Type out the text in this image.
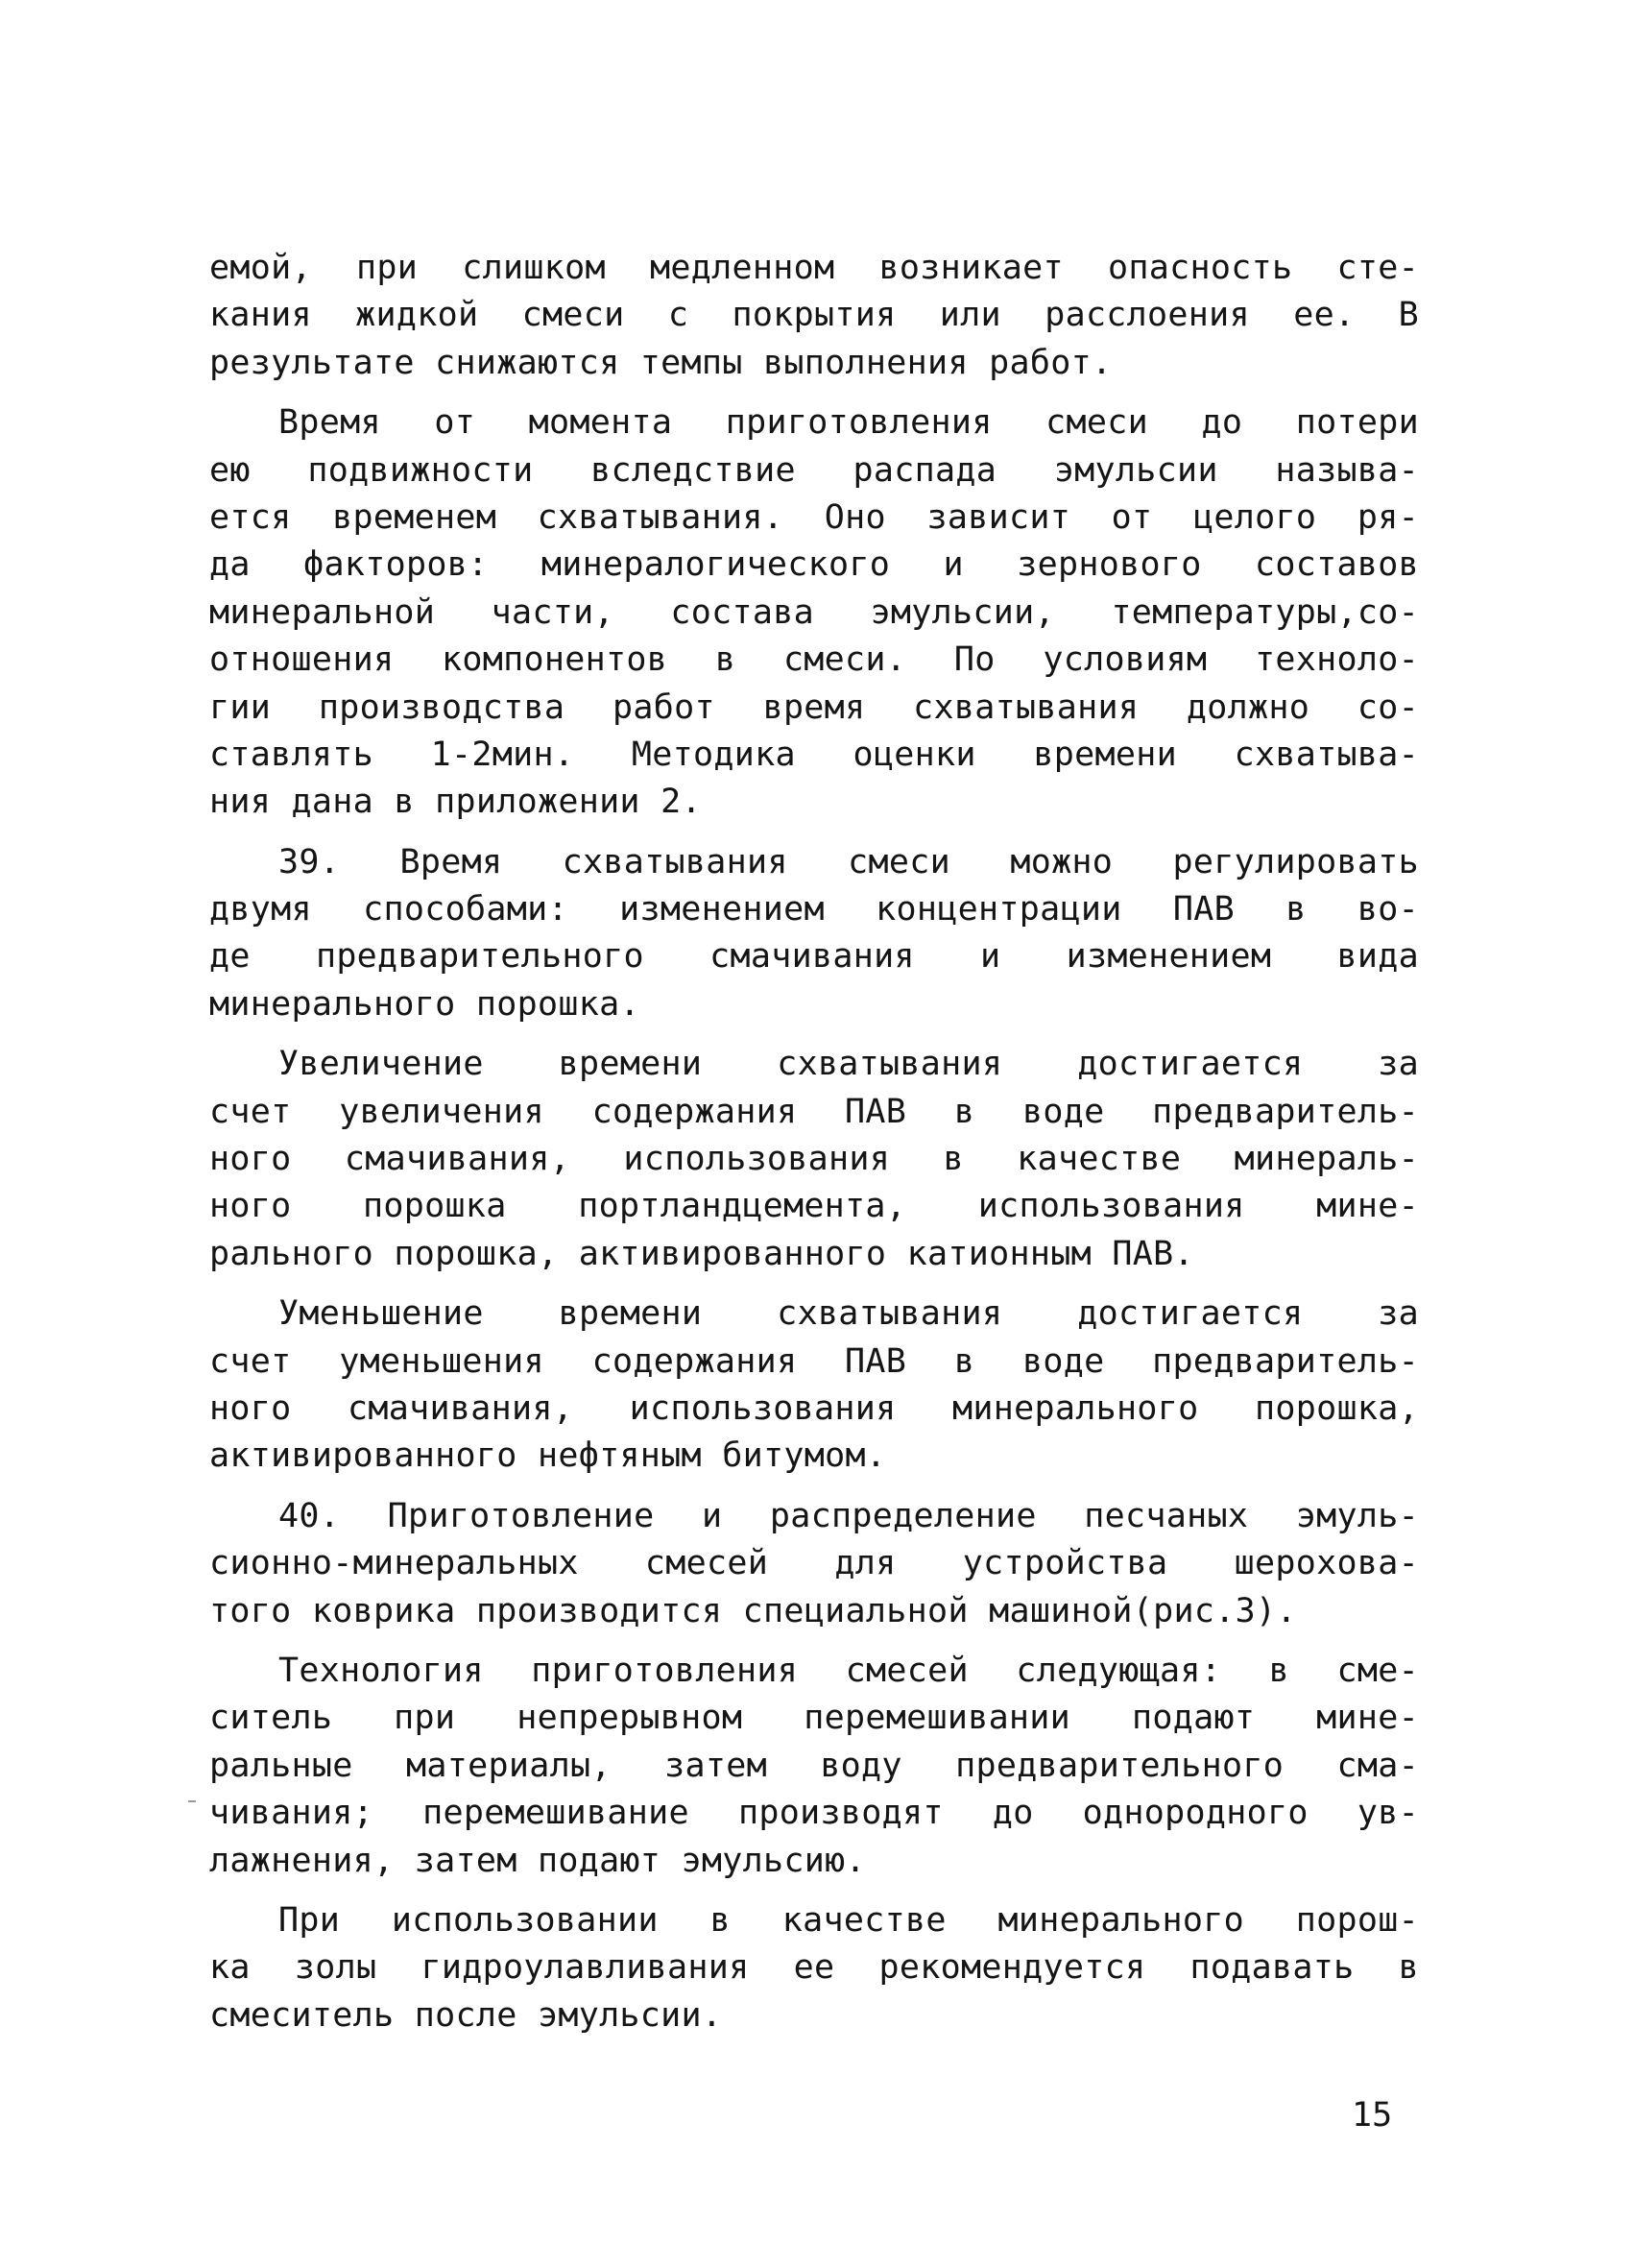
емой, при слишком медленном возникает опасность сте-
кания жидкой смеси с покрытия или расслоения ее. В
результате снижаются темпы выполнения работ.
Время от момента приготовления смеси до потери
ею подвижности вследствие распада эмульсии называ-
ется временем схватывания. Оно зависит от целого ря-
да факторов: минералогического и зернового составов
минеральной части, состава эмульсии, температуры,со-
отношения компонентов в смеси. По условиям техноло-
гии производства работ время схватывания должно со-
ставлять 1-2мин. Методика оценки времени схватыва-
ния дана в приложении 2.
39. Время схватывания смеси можно регулировать
двумя способами: изменением концентрации ПАВ в во-
де предварительного смачивания и изменением вида
минерального порошка.
Увеличение времени схватывания достигается за
счет увеличения содержания ПАВ в воде предваритель-
ного смачивания, использования в качестве минераль-
ного порошка портландцемента, использования мине-
рального порошка, активированного катионным ПАВ.
Уменьшение времени схватывания достигается за
счет уменьшения содержания ПАВ в воде предваритель-
ного смачивания, использования минерального порошка,
активированного нефтяным битумом.
40. Приготовление и распределение песчаных эмуль-
сионно-минеральных смесей для устройства шероховa-
того коврика производится специальной машиной(рис.3).
Технология приготовления смесей следующая: в сме-
ситель при непрерывном перемешивании подают мине-
ральные материалы, затем воду предварительного сма-
чивания; перемешивание производят до однородного ув-
лажнения, затем подают эмульсию.
При использовании в качестве минерального порош-
ка золы гидроулавливания ее рекомендуется подавать в
смеситель после эмульсии.
15
